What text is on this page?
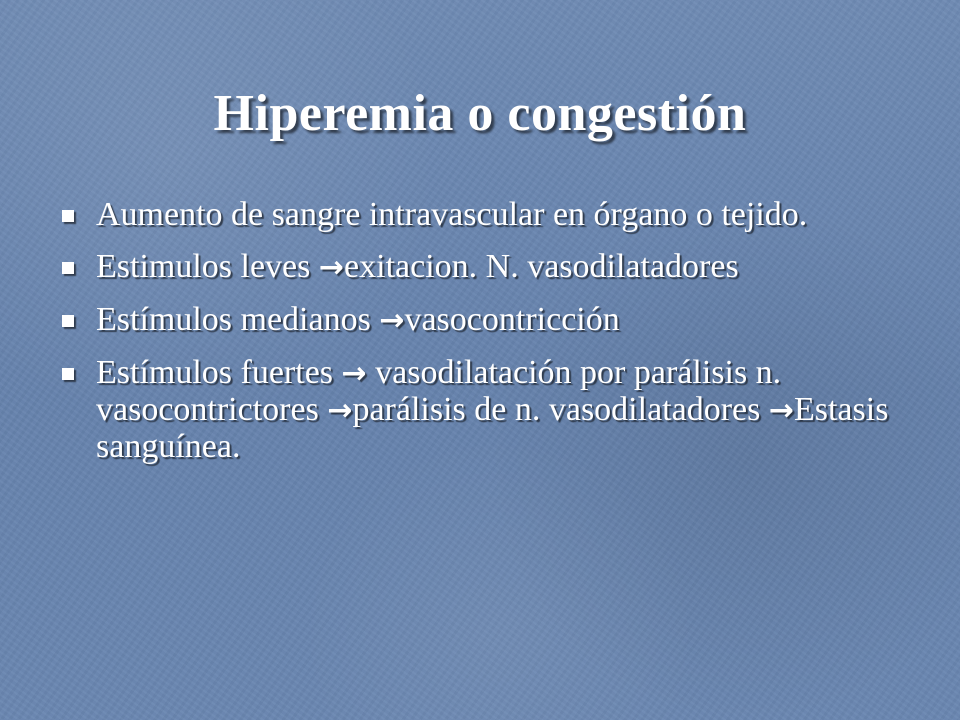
Hiperemia o congestión
Aumento de sangre intravascular en órgano o tejido.
Estimulos leves →exitacion. N. vasodilatadores
Estímulos medianos →vasocontricción
Estímulos fuertes → vasodilatación por parálisis n. vasocontrictores →parálisis de n. vasodilatadores →Estasis sanguínea.
